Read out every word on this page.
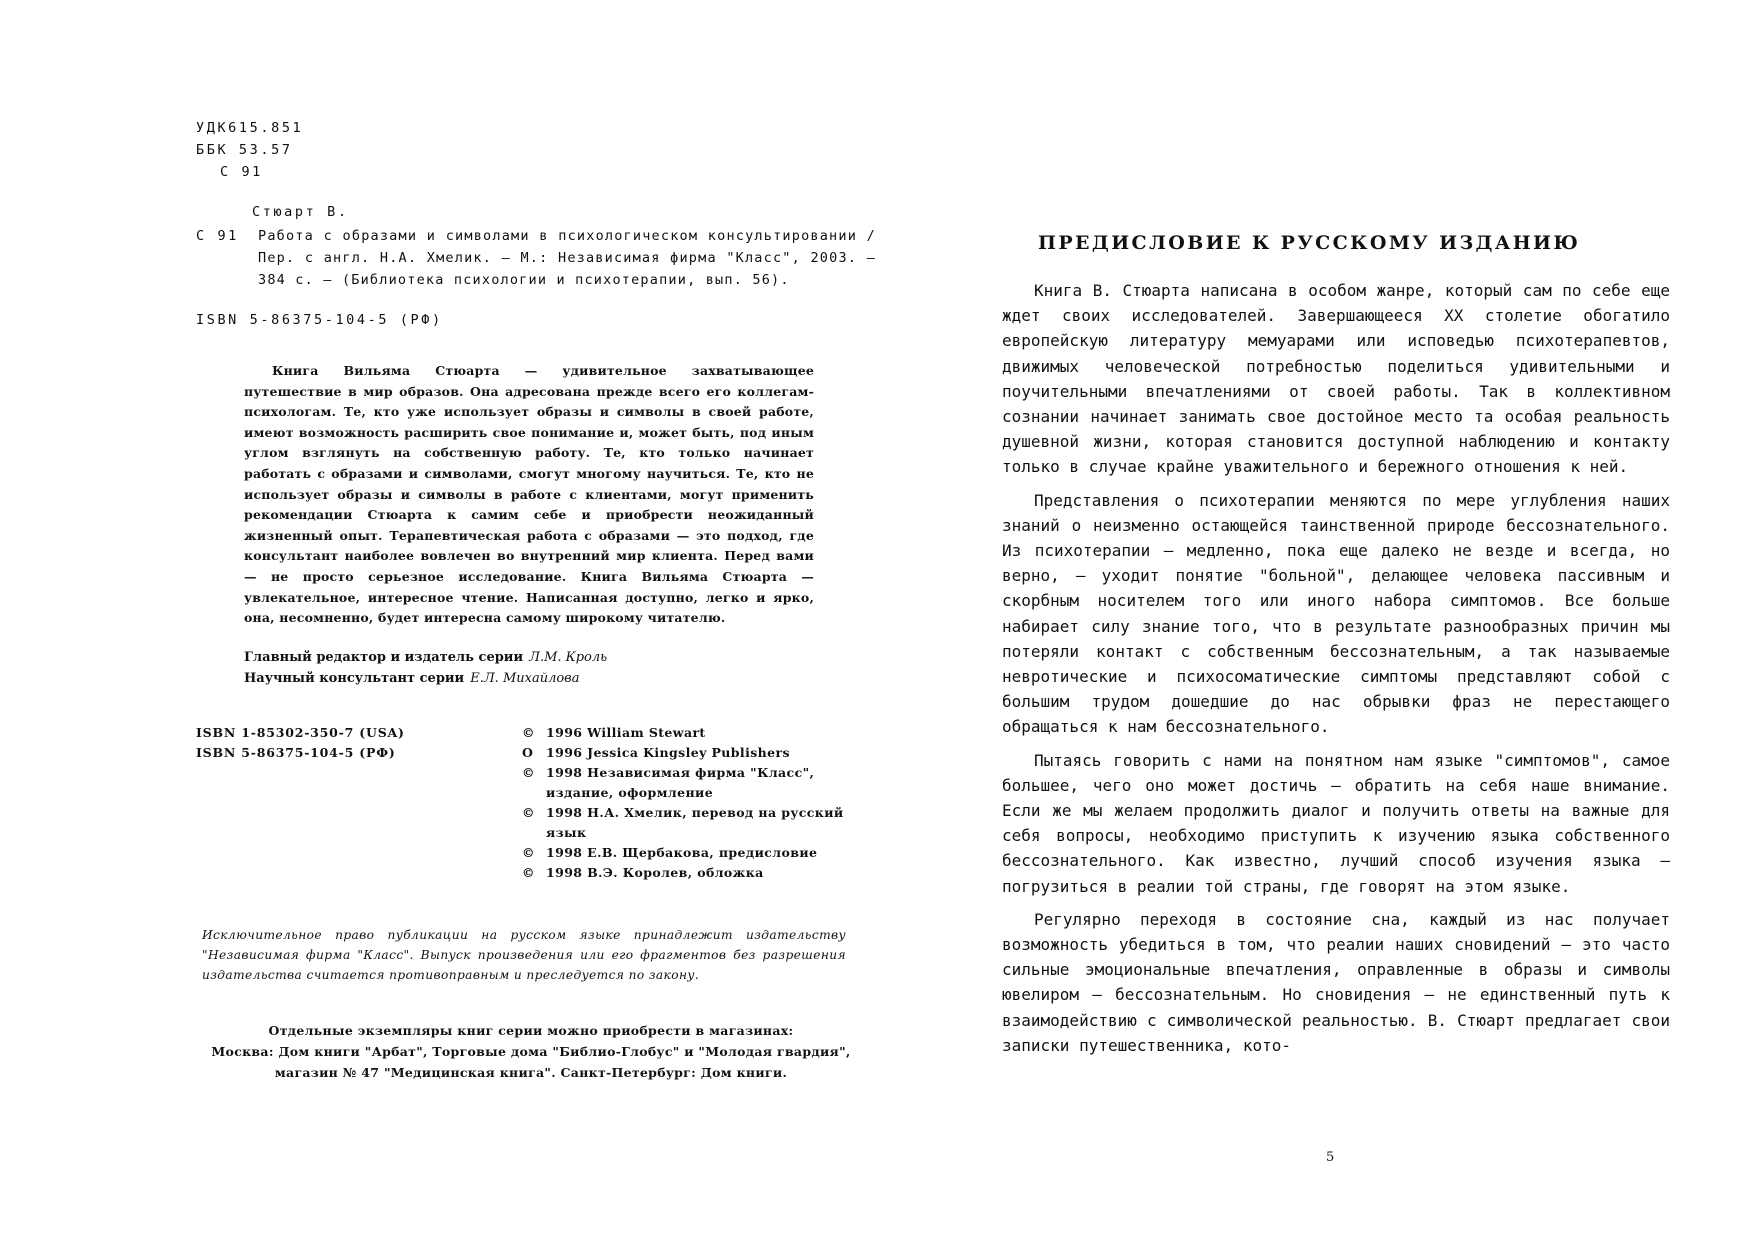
УДК615.851
ББК 53.57
С 91
Стюарт В.
С 91	Работа с образами и символами в психологическом консультировании /Пер. с англ. Н.А. Хмелик. — М.: Независимая фирма "Класс", 2003. — 384 с. — (Библиотека психологии и психотерапии, вып. 56).
ISBN 5-86375-104-5 (РФ)
Книга Вильяма Стюарта — удивительное захватывающее путешествие в мир образов. Она адресована прежде всего его коллегам-психологам. Те, кто уже использует образы и символы в своей работе, имеют возможность расширить свое понимание и, может быть, под иным углом взглянуть на собственную работу. Те, кто только начинает работать с образами и символами, смогут многому научиться. Те, кто не использует образы и символы в работе с клиентами, могут применить рекомендации Стюарта к самим себе и приобрести неожиданный жизненный опыт. Терапевтическая работа с образами — это подход, где консультант наиболее вовлечен во внутренний мир клиента. Перед вами — не просто серьезное исследование. Книга Вильяма Стюарта — увлекательное, интересное чтение. Написанная доступно, легко и ярко, она, несомненно, будет интересна самому широкому читателю.
Главный редактор и издатель серии Л.М. Кроль
Научный консультант серии Е.Л. Михайлова
ISBN 1-85302-350-7 (USA)
ISBN 5-86375-104-5 (РФ)
© 1996 William Stewart
О 1996 Jessica Kingsley Publishers
© 1998 Независимая фирма "Класс", издание, оформление
© 1998 Н.А. Хмелик, перевод на русский язык
© 1998 Е.В. Щербакова, предисловие
© 1998 В.Э. Королев, обложка
Исключительное право публикации на русском языке принадлежит издательству "Независимая фирма "Класс". Выпуск произведения или его фрагментов без разрешения издательства считается противоправным и преследуется по закону.
Отдельные экземпляры книг серии можно приобрести в магазинах:
Москва: Дом книги "Арбат", Торговые дома "Библио-Глобус" и "Молодая гвардия", магазин № 47 "Медицинская книга". Санкт-Петербург: Дом книги.
ПРЕДИСЛОВИЕ К РУССКОМУ ИЗДАНИЮ

Книга В. Стюарта написана в особом жанре, который сам по себе еще ждет своих исследователей. Завершающееся XX столетие обогатило европейскую литературу мемуарами или исповедью психотерапевтов, движимых человеческой потребностью поделиться удивительными и поучительными впечатлениями от своей работы. Так в коллективном сознании начинает занимать свое достойное место та особая реальность душевной жизни, которая становится доступной наблюдению и контакту только в случае крайне уважительного и бережного отношения к ней.

Представления о психотерапии меняются по мере углубления наших знаний о неизменно остающейся таинственной природе бессознательного. Из психотерапии — медленно, пока еще далеко не везде и всегда, но верно, — уходит понятие "больной", делающее человека пассивным и скорбным носителем того или иного набора симптомов. Все больше набирает силу знание того, что в результате разнообразных причин мы потеряли контакт с собственным бессознательным, а так называемые невротические и психосоматические симптомы представляют собой с большим трудом дошедшие до нас обрывки фраз не перестающего обращаться к нам бессознательного.

Пытаясь говорить с нами на понятном нам языке "симптомов", самое большее, чего оно может достичь — обратить на себя наше внимание. Если же мы желаем продолжить диалог и получить ответы на важные для себя вопросы, необходимо приступить к изучению языка собственного бессознательного. Как известно, лучший способ изучения языка — погрузиться в реалии той страны, где говорят на этом языке.

Регулярно переходя в состояние сна, каждый из нас получает возможность убедиться в том, что реалии наших сновидений — это часто сильные эмоциональные впечатления, оправленные в образы и символы ювелиром — бессознательным. Но сновидения — не единственный путь к взаимодействию с символической реальностью. В. Стюарт предлагает свои записки путешественника, кото-

5
